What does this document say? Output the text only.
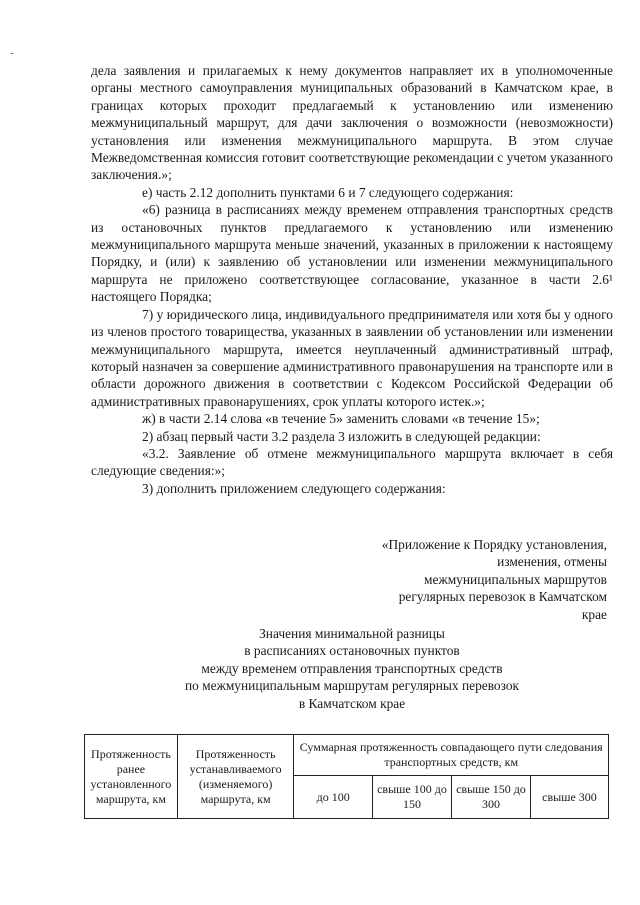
-

дела заявления и прилагаемых к нему документов направляет их в уполномоченные органы местного самоуправления муниципальных образований в Камчатском крае, в границах которых проходит предлагаемый к установлению или изменению межмуниципальный маршрут, для дачи заключения о возможности (невозможности) установления или изменения межмуниципального маршрута. В этом случае Межведомственная комиссия готовит соответствующие рекомендации с учетом указанного заключения.»;

е) часть 2.12 дополнить пунктами 6 и 7 следующего содержания:

«6) разница в расписаниях между временем отправления транспортных средств из остановочных пунктов предлагаемого к установлению или изменению межмуниципального маршрута меньше значений, указанных в приложении к настоящему Порядку, и (или) к заявлению об установлении или изменении межмуниципального маршрута не приложено соответствующее согласование, указанное в части 2.6¹ настоящего Порядка;

7) у юридического лица, индивидуального предпринимателя или хотя бы у одного из членов простого товарищества, указанных в заявлении об установлении или изменении межмуниципального маршрута, имеется неуплаченный административный штраф, который назначен за совершение административного правонарушения на транспорте или в области дорожного движения в соответствии с Кодексом Российской Федерации об административных правонарушениях, срок уплаты которого истек.»;

ж) в части 2.14 слова «в течение 5» заменить словами «в течение 15»;

2) абзац первый части 3.2 раздела 3 изложить в следующей редакции:

«3.2. Заявление об отмене межмуниципального маршрута включает в себя следующие сведения:»;

3) дополнить приложением следующего содержания:

«Приложение к Порядку установления, изменения, отмены межмуниципальных маршрутов регулярных перевозок в Камчатском крае
Значения минимальной разницы
в расписаниях остановочных пунктов
между временем отправления транспортных средств
по межмуниципальным маршрутам регулярных перевозок
в Камчатском крае
Протяженность ранее установленного маршрута, км	Протяженность устанавливаемого (изменяемого) маршрута, км	Суммарная протяженность совпадающего пути следования транспортных средств, км			
		до 100	свыше 100 до 150	свыше 150 до 300	свыше 300
